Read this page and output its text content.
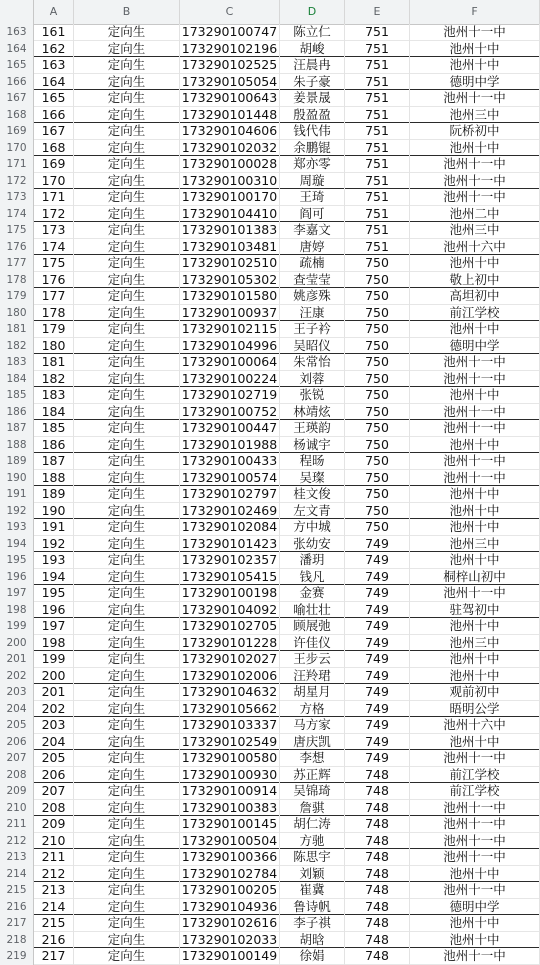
A	B	C	D	E	F
163	161	定向生	173290100747	陈立仁	751	池州十一中
164	162	定向生	173290102196	胡峻	751	池州十中
165	163	定向生	173290102525	汪晨冉	751	池州十中
166	164	定向生	173290105054	朱子豪	751	德明中学
167	165	定向生	173290100643	姜景晟	751	池州十一中
168	166	定向生	173290101448	殷盈盈	751	池州三中
169	167	定向生	173290104606	钱代伟	751	阮桥初中
170	168	定向生	173290102032	余鹏锟	751	池州十中
171	169	定向生	173290100028	郑亦零	751	池州十一中
172	170	定向生	173290100310	周璇	751	池州十一中
173	171	定向生	173290100170	王琦	751	池州十一中
174	172	定向生	173290104410	阎可	751	池州二中
175	173	定向生	173290101383	李嘉文	751	池州三中
176	174	定向生	173290103481	唐婷	751	池州十六中
177	175	定向生	173290102510	疏楠	750	池州十中
178	176	定向生	173290105302	查莹莹	750	敬上初中
179	177	定向生	173290101580	姚彦殊	750	高坦初中
180	178	定向生	173290100937	汪康	750	前江学校
181	179	定向生	173290102115	王子衿	750	池州十中
182	180	定向生	173290104996	吴昭仪	750	德明中学
183	181	定向生	173290100064	朱常怡	750	池州十一中
184	182	定向生	173290100224	刘蓉	750	池州十一中
185	183	定向生	173290102719	张锐	750	池州十中
186	184	定向生	173290100752	林靖炫	750	池州十一中
187	185	定向生	173290100447	王瑛韵	750	池州十一中
188	186	定向生	173290101988	杨诚宇	750	池州十中
189	187	定向生	173290100433	程旸	750	池州十一中
190	188	定向生	173290100574	吴璨	750	池州十一中
191	189	定向生	173290102797	桂文俊	750	池州十中
192	190	定向生	173290102469	左文青	750	池州十中
193	191	定向生	173290102084	方中城	750	池州十中
194	192	定向生	173290101423	张幼安	749	池州三中
195	193	定向生	173290102357	潘玥	749	池州十中
196	194	定向生	173290105415	钱凡	749	桐梓山初中
197	195	定向生	173290100198	金赛	749	池州十一中
198	196	定向生	173290104092	喻壮壮	749	驻驾初中
199	197	定向生	173290102705	顾展弛	749	池州十中
200	198	定向生	173290101228	许佳仪	749	池州三中
201	199	定向生	173290102027	王步云	749	池州十中
202	200	定向生	173290102006	汪羚珺	749	池州十中
203	201	定向生	173290104632	胡星月	749	观前初中
204	202	定向生	173290105662	方格	749	晤明公学
205	203	定向生	173290103337	马方家	749	池州十六中
206	204	定向生	173290102549	唐庆凯	749	池州十中
207	205	定向生	173290100580	李想	749	池州十一中
208	206	定向生	173290100930	苏正辉	748	前江学校
209	207	定向生	173290100914	吴锦琦	748	前江学校
210	208	定向生	173290100383	詹骐	748	池州十一中
211	209	定向生	173290100145	胡仁涛	748	池州十一中
212	210	定向生	173290100504	方驰	748	池州十一中
213	211	定向生	173290100366	陈思宇	748	池州十一中
214	212	定向生	173290102784	刘颖	748	池州十中
215	213	定向生	173290100205	崔冀	748	池州十一中
216	214	定向生	173290104936	鲁诗帆	748	德明中学
217	215	定向生	173290102616	李子祺	748	池州十中
218	216	定向生	173290102033	胡晗	748	池州十中
219	217	定向生	173290100149	徐娟	748	池州十一中
